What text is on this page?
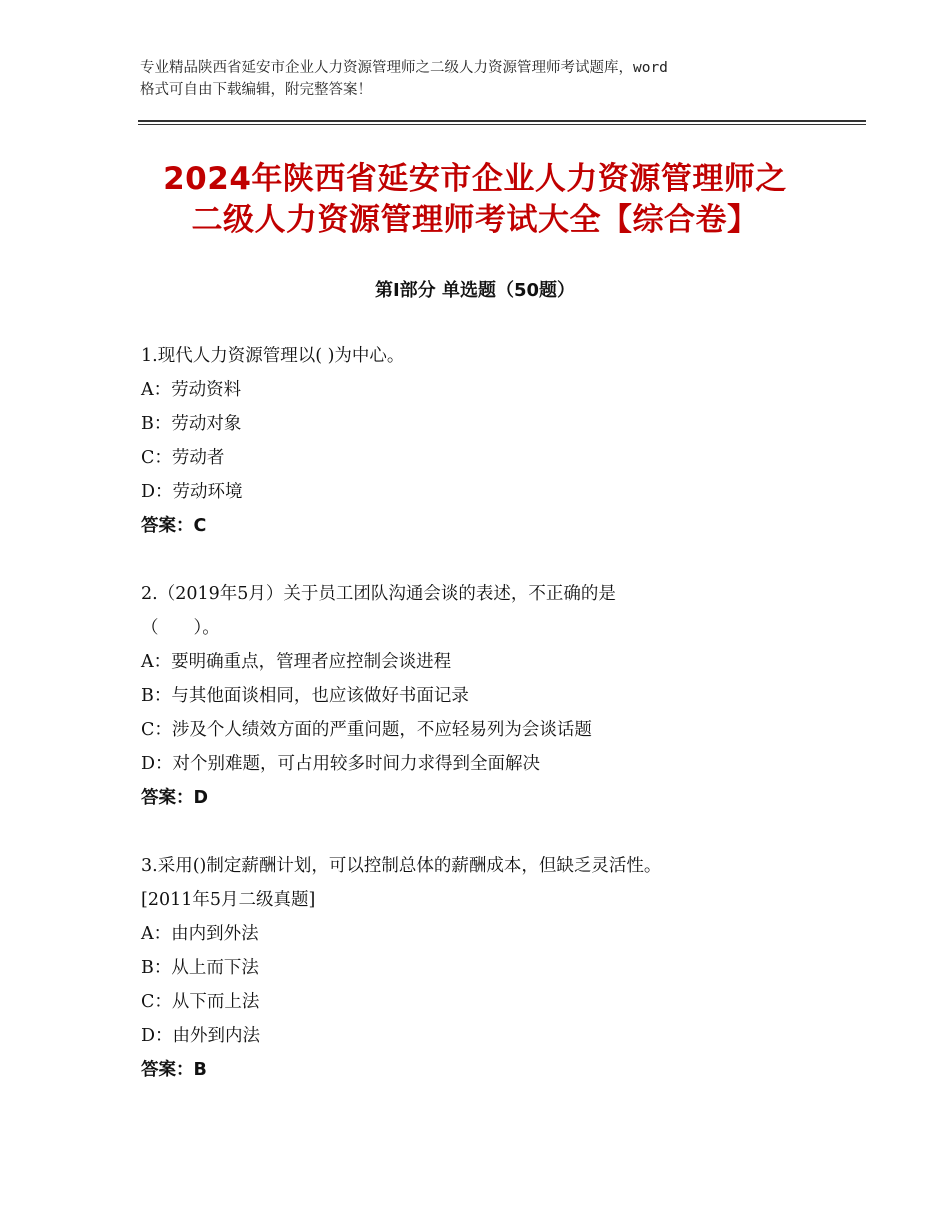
专业精品陕西省延安市企业人力资源管理师之二级人力资源管理师考试题库，word
格式可自由下载编辑，附完整答案！
2024年陕西省延安市企业人力资源管理师之
二级人力资源管理师考试大全【综合卷】
第Ⅰ部分 单选题（50题）
1.现代人力资源管理以( )为中心。
A：劳动资料
B：劳动对象
C：劳动者
D：劳动环境
答案：C
2.（2019年5月）关于员工团队沟通会谈的表述，不正确的是
（　　）。
A：要明确重点，管理者应控制会谈进程
B：与其他面谈相同，也应该做好书面记录
C：涉及个人绩效方面的严重问题，不应轻易列为会谈话题
D：对个别难题，可占用较多时间力求得到全面解决
答案：D
3.采用()制定薪酬计划，可以控制总体的薪酬成本，但缺乏灵活性。
[2011年5月二级真题]
A：由内到外法
B：从上而下法
C：从下而上法
D：由外到内法
答案：B
